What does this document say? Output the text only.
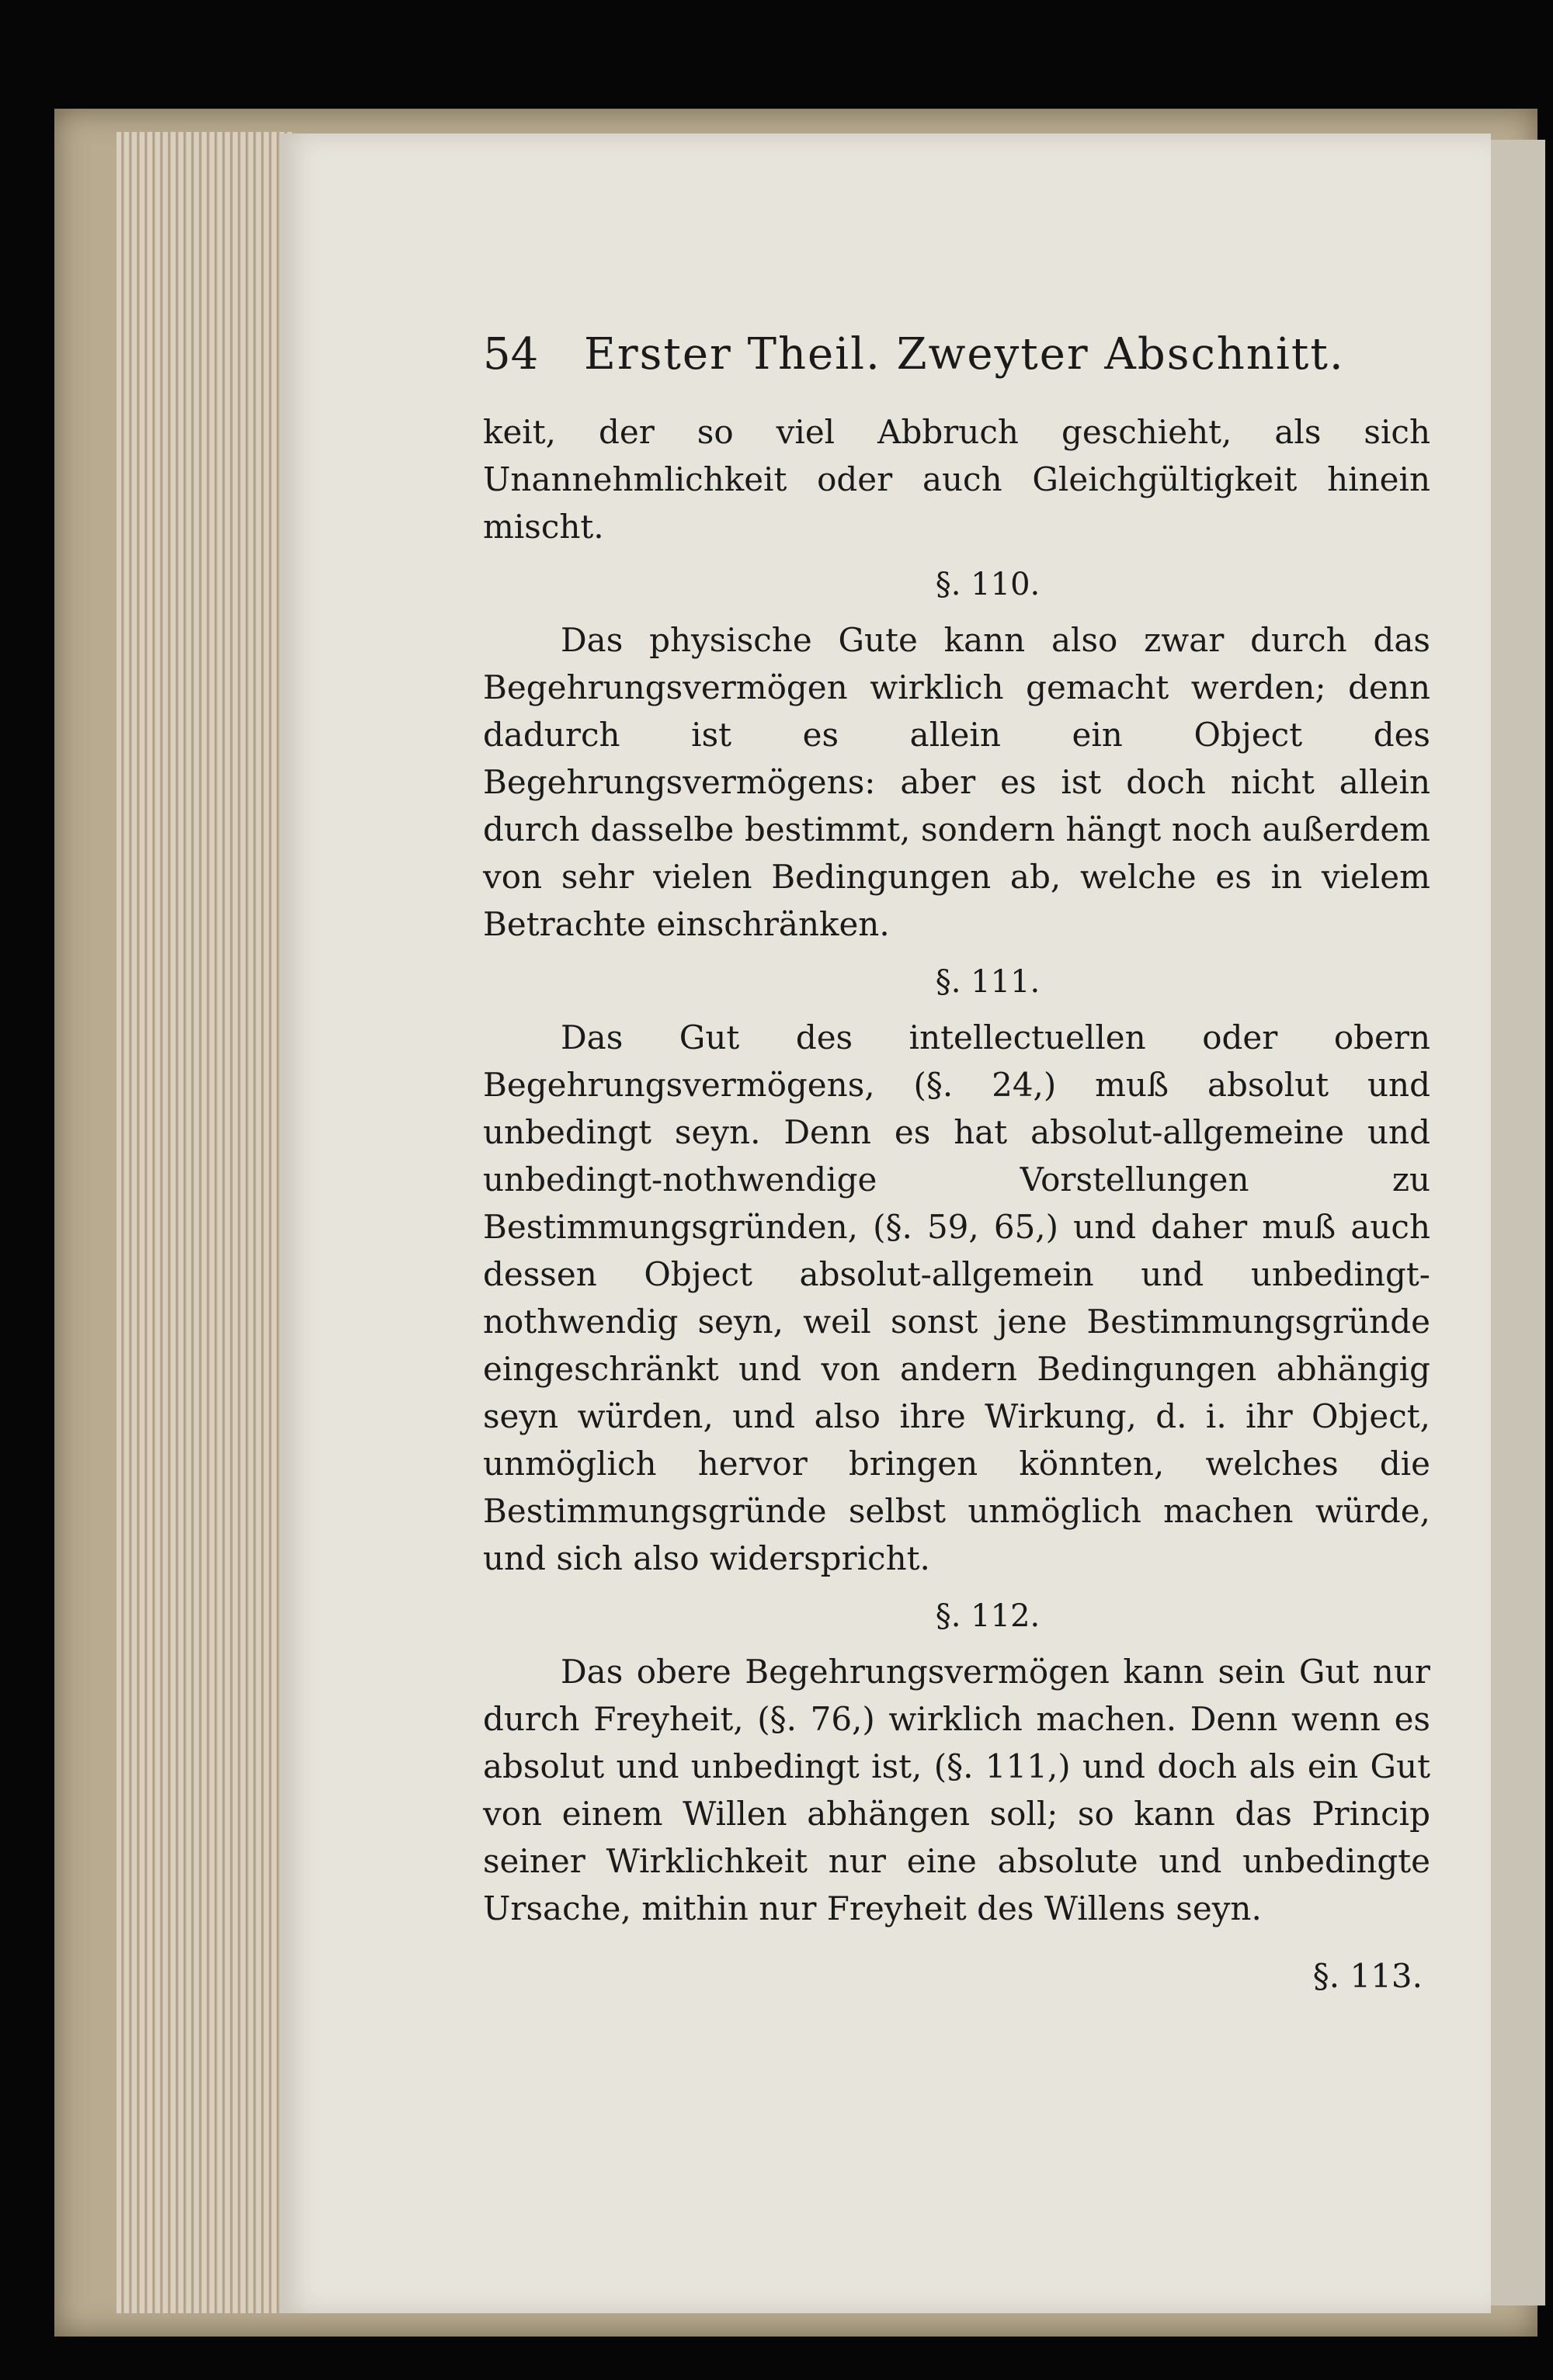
54	Erster Theil. Zweyter Abschnitt.

keit, der so viel Abbruch geschieht, als sich Unannehmlichkeit oder auch Gleichgültigkeit hinein mischt.

§. 110.

Das physische Gute kann also zwar durch das Begehrungsvermögen wirklich gemacht werden; denn dadurch ist es allein ein Object des Begehrungsvermögens: aber es ist doch nicht allein durch dasselbe bestimmt, sondern hängt noch außerdem von sehr vielen Bedingungen ab, welche es in vielem Betrachte einschränken.

§. 111.

Das Gut des intellectuellen oder obern Begehrungsvermögens, (§. 24,) muß absolut und unbedingt seyn. Denn es hat absolut-allgemeine und unbedingt-nothwendige Vorstellungen zu Bestimmungsgründen, (§. 59, 65,) und daher muß auch dessen Object absolut-allgemein und unbedingt-nothwendig seyn, weil sonst jene Bestimmungsgründe eingeschränkt und von andern Bedingungen abhängig seyn würden, und also ihre Wirkung, d. i. ihr Object, unmöglich hervor bringen könnten, welches die Bestimmungsgründe selbst unmöglich machen würde, und sich also widerspricht.

§. 112.

Das obere Begehrungsvermögen kann sein Gut nur durch Freyheit, (§. 76,) wirklich machen. Denn wenn es absolut und unbedingt ist, (§. 111,) und doch als ein Gut von einem Willen abhängen soll; so kann das Princip seiner Wirklichkeit nur eine absolute und unbedingte Ursache, mithin nur Freyheit des Willens seyn.

§. 113.
